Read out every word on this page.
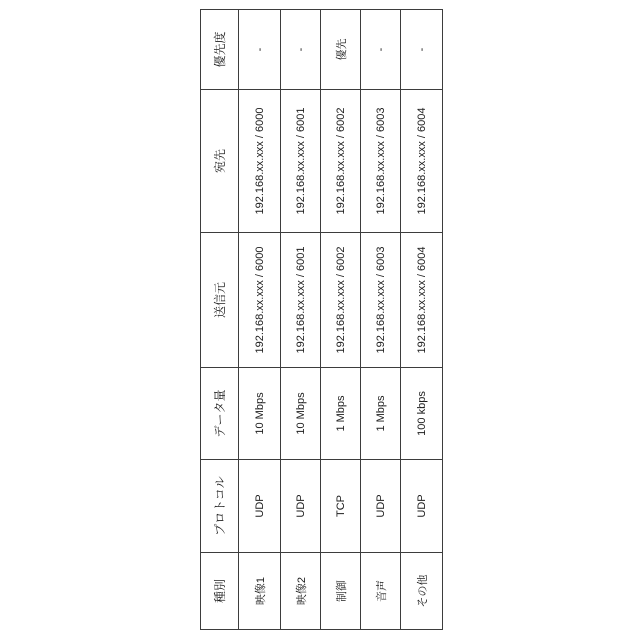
種別	プロトコル	データ量	送信元	宛先	優先度
映像1	UDP	10 Mbps	192.168.xx.xxx / 6000	192.168.xx.xxx / 6000	-
映像2	UDP	10 Mbps	192.168.xx.xxx / 6001	192.168.xx.xxx / 6001	-
制御	TCP	1 Mbps	192.168.xx.xxx / 6002	192.168.xx.xxx / 6002	優先
音声	UDP	1 Mbps	192.168.xx.xxx / 6003	192.168.xx.xxx / 6003	-
その他	UDP	100 kbps	192.168.xx.xxx / 6004	192.168.xx.xxx / 6004	-
